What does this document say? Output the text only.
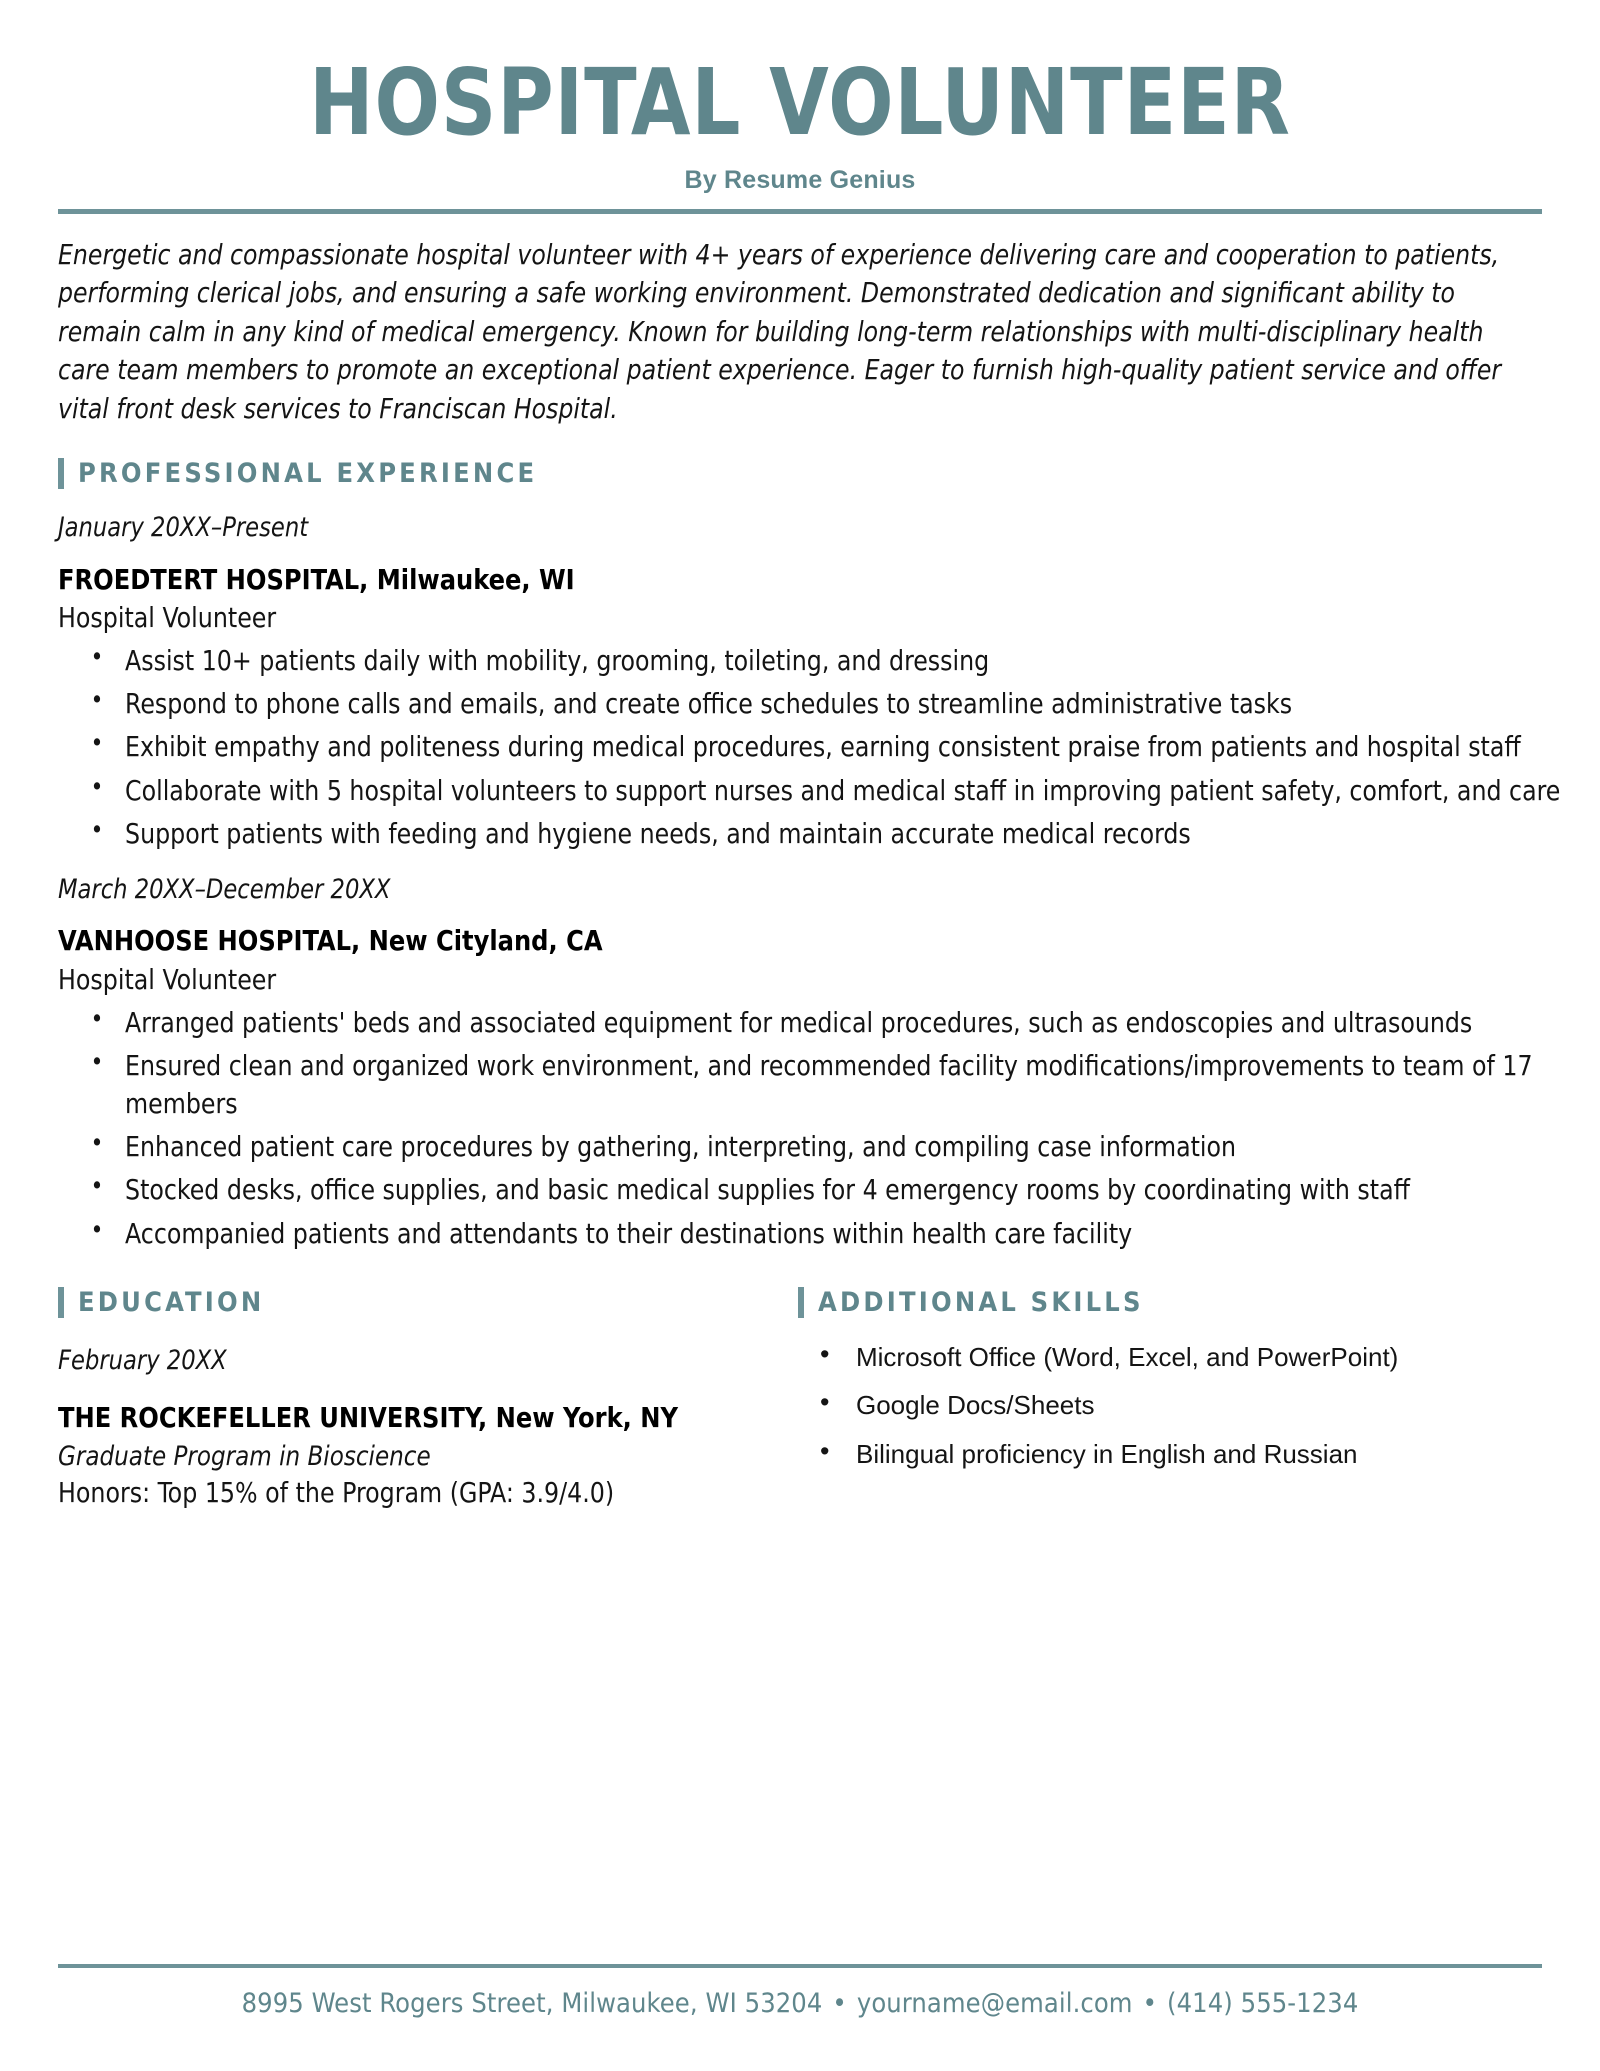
HOSPITAL VOLUNTEER
By Resume Genius
Energetic and compassionate hospital volunteer with 4+ years of experience delivering care and cooperation to patients, performing clerical jobs, and ensuring a safe working environment. Demonstrated dedication and significant ability to remain calm in any kind of medical emergency. Known for building long-term relationships with multi-disciplinary health care team members to promote an exceptional patient experience. Eager to furnish high-quality patient service and offer vital front desk services to Franciscan Hospital.
PROFESSIONAL EXPERIENCE
January 20XX–Present
FROEDTERT HOSPITAL, Milwaukee, WI
Hospital Volunteer
• Assist 10+ patients daily with mobility, grooming, toileting, and dressing
• Respond to phone calls and emails, and create office schedules to streamline administrative tasks
• Exhibit empathy and politeness during medical procedures, earning consistent praise from patients and hospital staff
• Collaborate with 5 hospital volunteers to support nurses and medical staff in improving patient safety, comfort, and care
• Support patients with feeding and hygiene needs, and maintain accurate medical records
March 20XX–December 20XX
VANHOOSE HOSPITAL, New Cityland, CA
Hospital Volunteer
• Arranged patients' beds and associated equipment for medical procedures, such as endoscopies and ultrasounds
• Ensured clean and organized work environment, and recommended facility modifications/improvements to team of 17 members
• Enhanced patient care procedures by gathering, interpreting, and compiling case information
• Stocked desks, office supplies, and basic medical supplies for 4 emergency rooms by coordinating with staff
• Accompanied patients and attendants to their destinations within health care facility
EDUCATION
February 20XX
THE ROCKEFELLER UNIVERSITY, New York, NY
Graduate Program in Bioscience
Honors: Top 15% of the Program (GPA: 3.9/4.0)
ADDITIONAL SKILLS
• Microsoft Office (Word, Excel, and PowerPoint)
• Google Docs/Sheets
• Bilingual proficiency in English and Russian
8995 West Rogers Street, Milwaukee, WI 53204 • yourname@email.com • (414) 555-1234
